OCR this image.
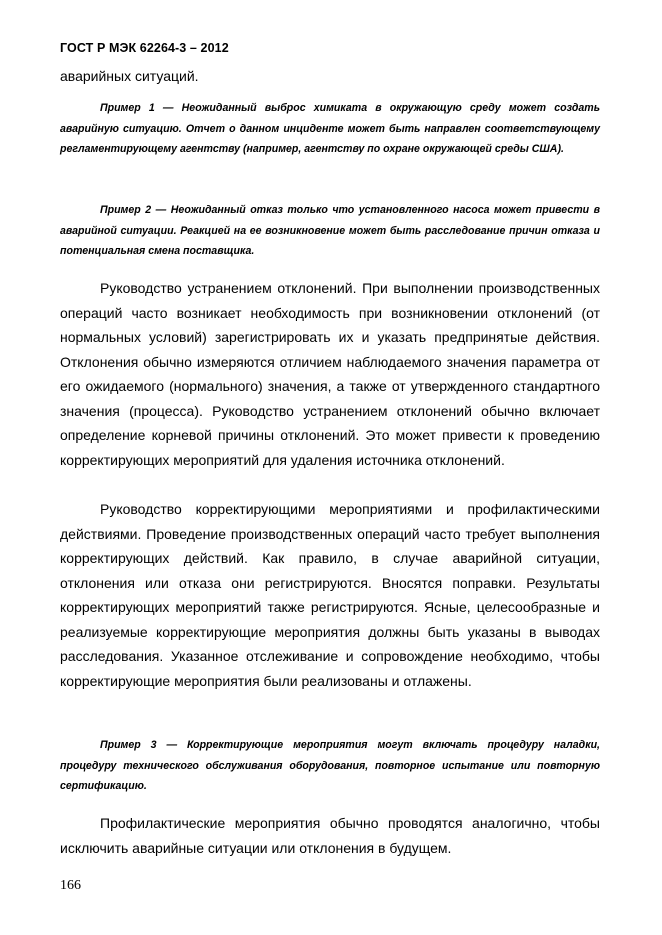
ГОСТ Р МЭК 62264-3 – 2012

аварийных ситуаций.

Пример 1 — Неожиданный выброс химиката в окружающую среду может создать аварийную ситуацию. Отчет о данном инциденте может быть направлен соответствующему регламентирующему агентству (например, агентству по охране окружающей среды США).

Пример 2 — Неожиданный отказ только что установленного насоса может привести в аварийной ситуации. Реакцией на ее возникновение может быть расследование причин отказа и потенциальная смена поставщика.

Руководство устранением отклонений. При выполнении производственных операций часто возникает необходимость при возникновении отклонений (от нормальных условий) зарегистрировать их и указать предпринятые действия. Отклонения обычно измеряются отличием наблюдаемого значения параметра от его ожидаемого (нормального) значения, а также от утвержденного стандартного значения (процесса). Руководство устранением отклонений обычно включает определение корневой причины отклонений. Это может привести к проведению корректирующих мероприятий для удаления источника отклонений.

Руководство корректирующими мероприятиями и профилактическими действиями. Проведение производственных операций часто требует выполнения корректирующих действий. Как правило, в случае аварийной ситуации, отклонения или отказа они регистрируются. Вносятся поправки. Результаты корректирующих мероприятий также регистрируются. Ясные, целесообразные и реализуемые корректирующие мероприятия должны быть указаны в выводах расследования. Указанное отслеживание и сопровождение необходимо, чтобы корректирующие мероприятия были реализованы и отлажены.

Пример 3 — Корректирующие мероприятия могут включать процедуру наладки, процедуру технического обслуживания оборудования, повторное испытание или повторную сертификацию.

Профилактические мероприятия обычно проводятся аналогично, чтобы исключить аварийные ситуации или отклонения в будущем.

166
